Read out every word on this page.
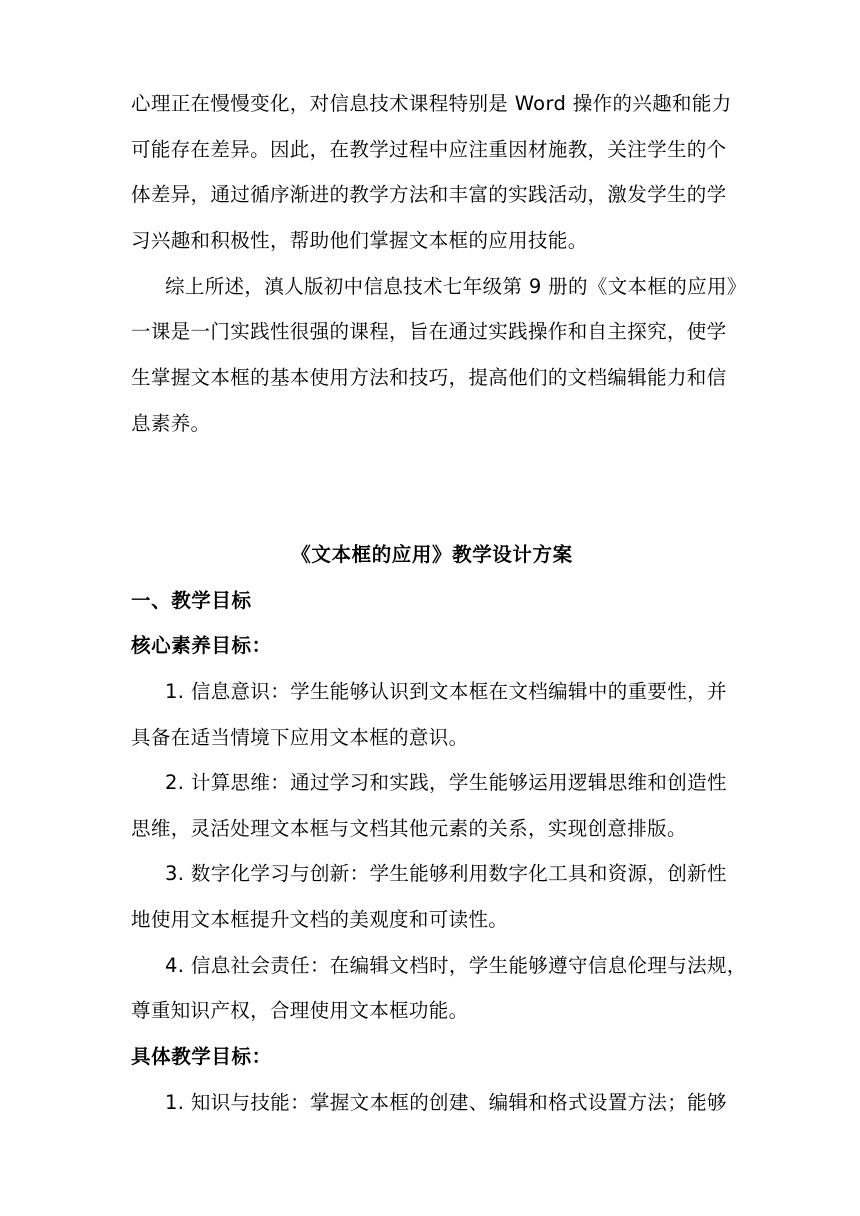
心理正在慢慢变化，对信息技术课程特别是 Word 操作的兴趣和能力
可能存在差异。因此，在教学过程中应注重因材施教，关注学生的个
体差异，通过循序渐进的教学方法和丰富的实践活动，激发学生的学
习兴趣和积极性，帮助他们掌握文本框的应用技能。
综上所述，滇人版初中信息技术七年级第 9 册的《文本框的应用》
一课是一门实践性很强的课程，旨在通过实践操作和自主探究，使学
生掌握文本框的基本使用方法和技巧，提高他们的文档编辑能力和信
息素养。
《文本框的应用》教学设计方案
一、教学目标
核心素养目标：
1. 信息意识：学生能够认识到文本框在文档编辑中的重要性，并
具备在适当情境下应用文本框的意识。
2. 计算思维：通过学习和实践，学生能够运用逻辑思维和创造性
思维，灵活处理文本框与文档其他元素的关系，实现创意排版。
3. 数字化学习与创新：学生能够利用数字化工具和资源，创新性
地使用文本框提升文档的美观度和可读性。
4. 信息社会责任：在编辑文档时，学生能够遵守信息伦理与法规，
尊重知识产权，合理使用文本框功能。
具体教学目标：
1. 知识与技能：掌握文本框的创建、编辑和格式设置方法；能够
